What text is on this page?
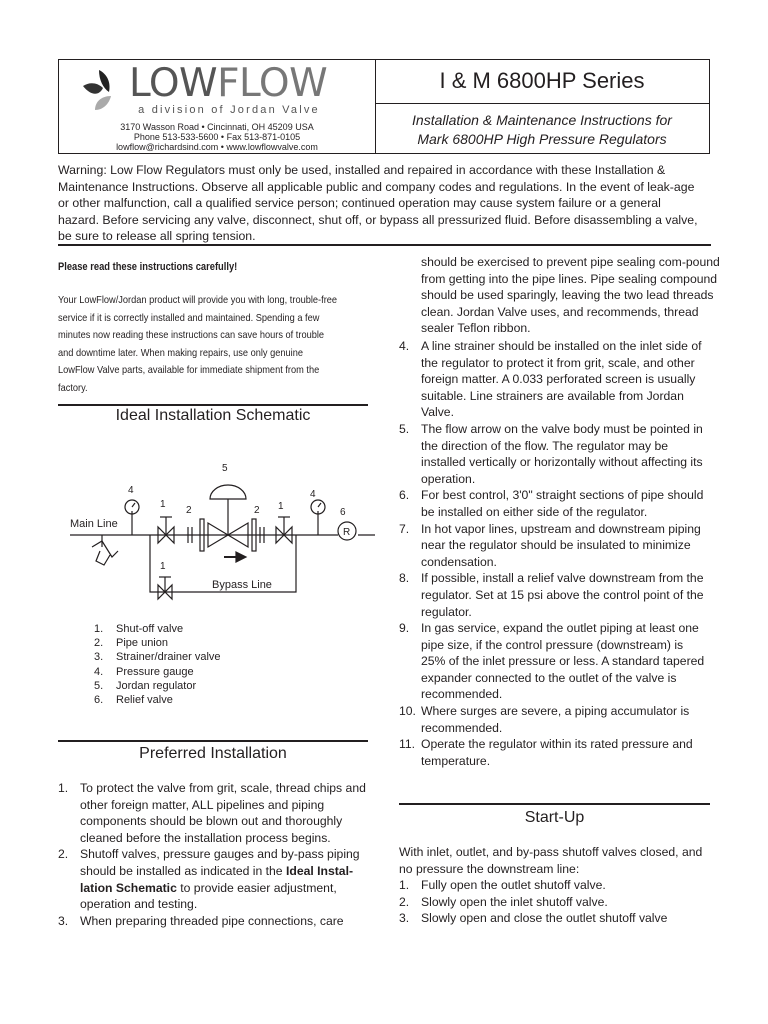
LOWFLOW
a division of Jordan Valve
3170 Wasson Road • Cincinnati, OH 45209 USA
Phone 513-533-5600 • Fax 513-871-0105
lowflow@richardsind.com • www.lowflowvalve.com
I & M 6800HP Series
Installation & Maintenance Instructions for
Mark 6800HP High Pressure Regulators
Warning: Low Flow Regulators must only be used, installed and repaired in accordance with these Installation & Maintenance Instructions. Observe all applicable public and company codes and regulations. In the event of leak-age or other malfunction, call a qualified service person; continued operation may cause system failure or a general hazard. Before servicing any valve, disconnect, shut off, or bypass all pressurized fluid. Before disassembling a valve, be sure to release all spring tension.
Please read these instructions carefully!
Your LowFlow/Jordan product will provide you with long, trouble-free service if it is correctly installed and maintained. Spending a few minutes now reading these instructions can save hours of trouble and downtime later. When making repairs, use only genuine LowFlow Valve parts, available for immediate shipment from the factory.
Ideal Installation Schematic
Main Line
Bypass Line
4
1
2
5
2 1
4
R
6
1
1. Shut-off valve
2. Pipe union
3. Strainer/drainer valve
4. Pressure gauge
5. Jordan regulator
6. Relief valve
Preferred Installation
1. To protect the valve from grit, scale, thread chips and other foreign matter, ALL pipelines and piping components should be blown out and thoroughly cleaned before the installation process begins.
2. Shutoff valves, pressure gauges and by-pass piping should be installed as indicated in the Ideal Instal-lation Schematic to provide easier adjustment, operation and testing.
3. When preparing threaded pipe connections, care
should be exercised to prevent pipe sealing com-pound from getting into the pipe lines. Pipe sealing compound should be used sparingly, leaving the two lead threads clean. Jordan Valve uses, and recommends, thread sealer Teflon ribbon.
4. A line strainer should be installed on the inlet side of the regulator to protect it from grit, scale, and other foreign matter. A 0.033 perforated screen is usually suitable. Line strainers are available from Jordan Valve.
5. The flow arrow on the valve body must be pointed in the direction of the flow. The regulator may be installed vertically or horizontally without affecting its operation.
6. For best control, 3'0" straight sections of pipe should be installed on either side of the regulator.
7. In hot vapor lines, upstream and downstream piping near the regulator should be insulated to minimize condensation.
8. If possible, install a relief valve downstream from the regulator. Set at 15 psi above the control point of the regulator.
9. In gas service, expand the outlet piping at least one pipe size, if the control pressure (downstream) is 25% of the inlet pressure or less. A standard tapered expander connected to the outlet of the valve is recommended.
10. Where surges are severe, a piping accumulator is recommended.
11. Operate the regulator within its rated pressure and temperature.
Start-Up
With inlet, outlet, and by-pass shutoff valves closed, and no pressure the downstream line:
1. Fully open the outlet shutoff valve.
2. Slowly open the inlet shutoff valve.
3. Slowly open and close the outlet shutoff valve
